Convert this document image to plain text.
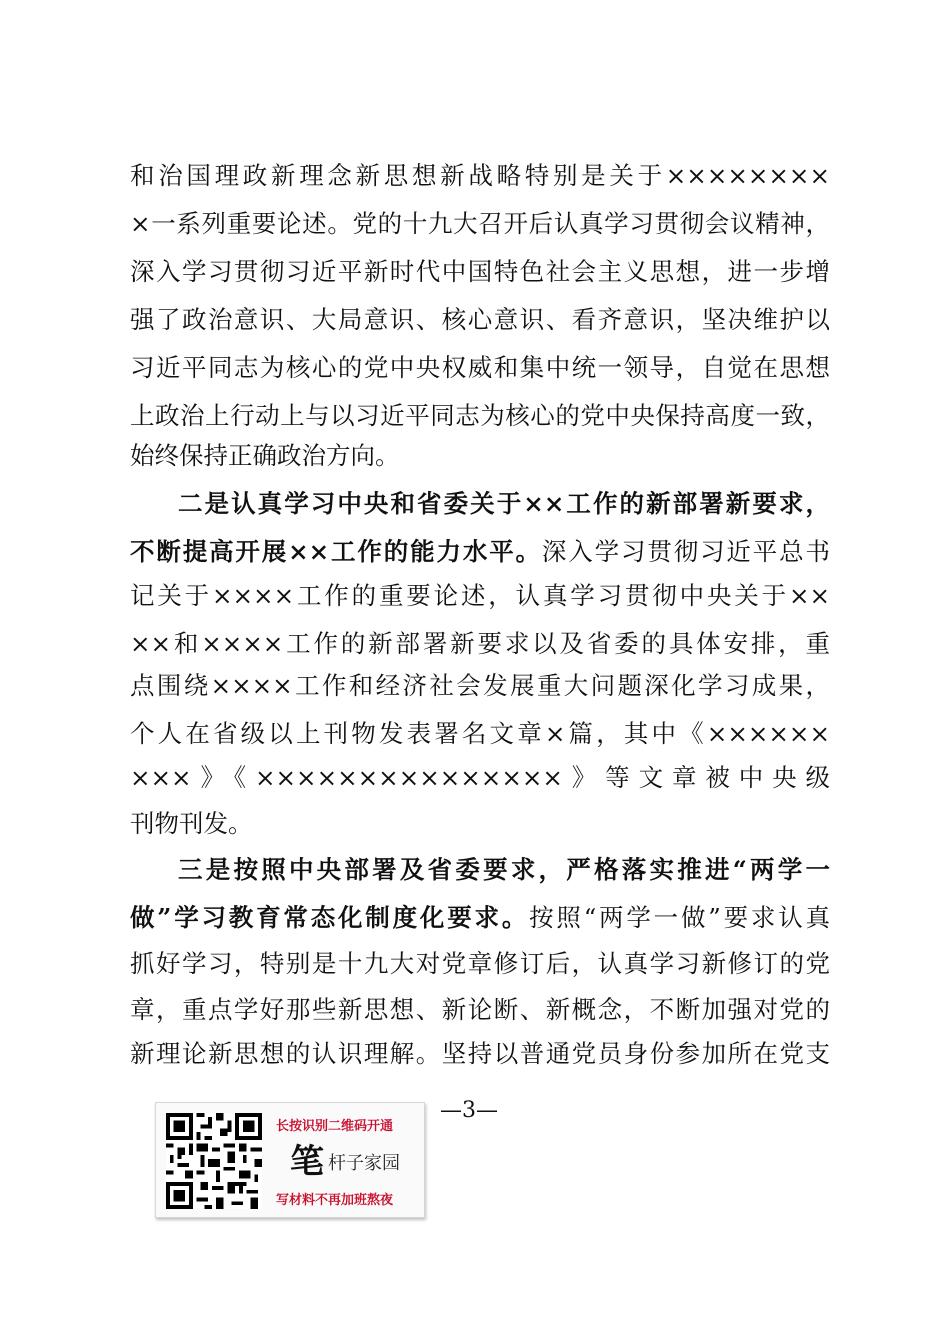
和治国理政新理念新思想新战略特别是关于××××××××
×一系列重要论述。党的十九大召开后认真学习贯彻会议精神，
深入学习贯彻习近平新时代中国特色社会主义思想，进一步增
强了政治意识、大局意识、核心意识、看齐意识，坚决维护以
习近平同志为核心的党中央权威和集中统一领导，自觉在思想
上政治上行动上与以习近平同志为核心的党中央保持高度一致，
始终保持正确政治方向。
二是认真学习中央和省委关于××工作的新部署新要求，
不断提高开展××工作的能力水平。深入学习贯彻习近平总书
记关于××××工作的重要论述，认真学习贯彻中央关于××
××和××××工作的新部署新要求以及省委的具体安排，重
点围绕××××工作和经济社会发展重大问题深化学习成果，
个人在省级以上刊物发表署名文章×篇，其中《××××××
×××》《×××××××××××××××》等文章被中央级
刊物刊发。
三是按照中央部署及省委要求，严格落实推进“两学一
做”学习教育常态化制度化要求。按照“两学一做”要求认真
抓好学习，特别是十九大对党章修订后，认真学习新修订的党
章，重点学好那些新思想、新论断、新概念，不断加强对党的
新理论新思想的认识理解。坚持以普通党员身份参加所在党支
—3—
长按识别二维码开通
笔 杆子家园
写材料不再加班熬夜
